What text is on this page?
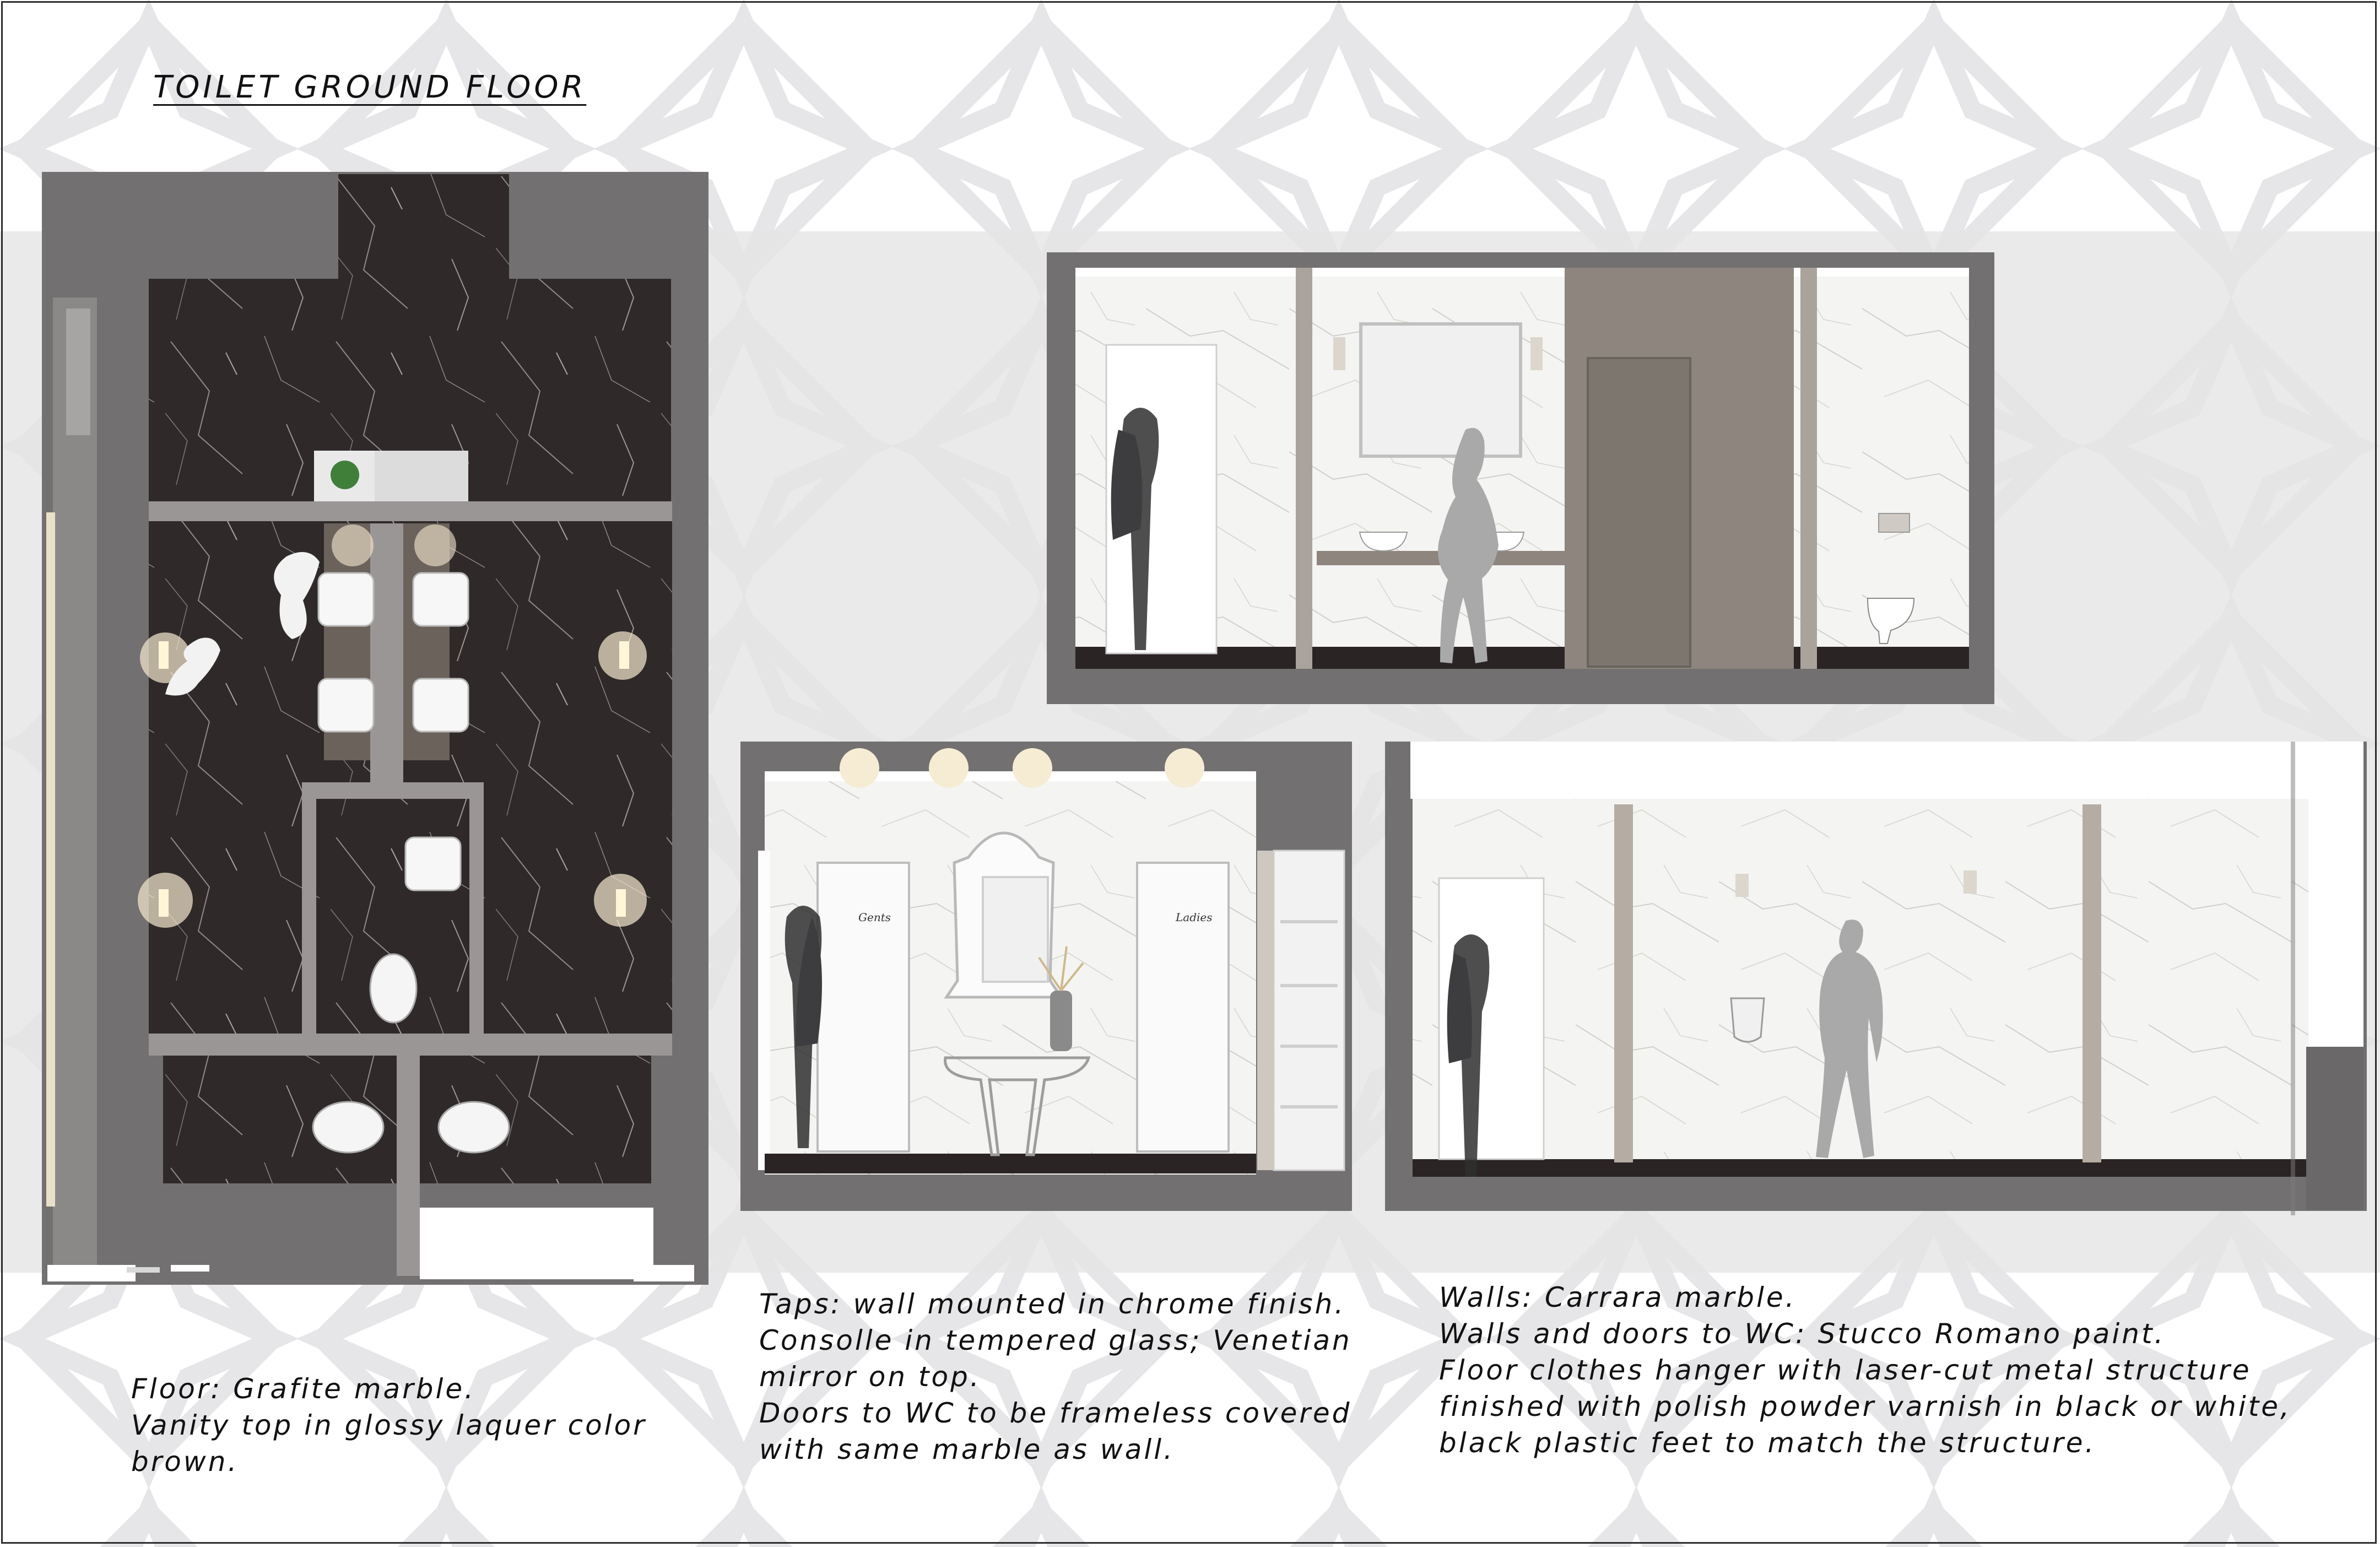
TOILET GROUND FLOOR
Gents	Ladies
Floor: Grafite marble.
Vanity top in glossy laquer color
brown.
Taps: wall mounted in chrome finish.
Consolle in tempered glass; Venetian
mirror on top.
Doors to WC to be frameless covered
with same marble as wall.
Walls: Carrara marble.
Walls and doors to WC: Stucco Romano paint.
Floor clothes hanger with laser-cut metal structure
finished with polish powder varnish in black or white,
black plastic feet to match the structure.
